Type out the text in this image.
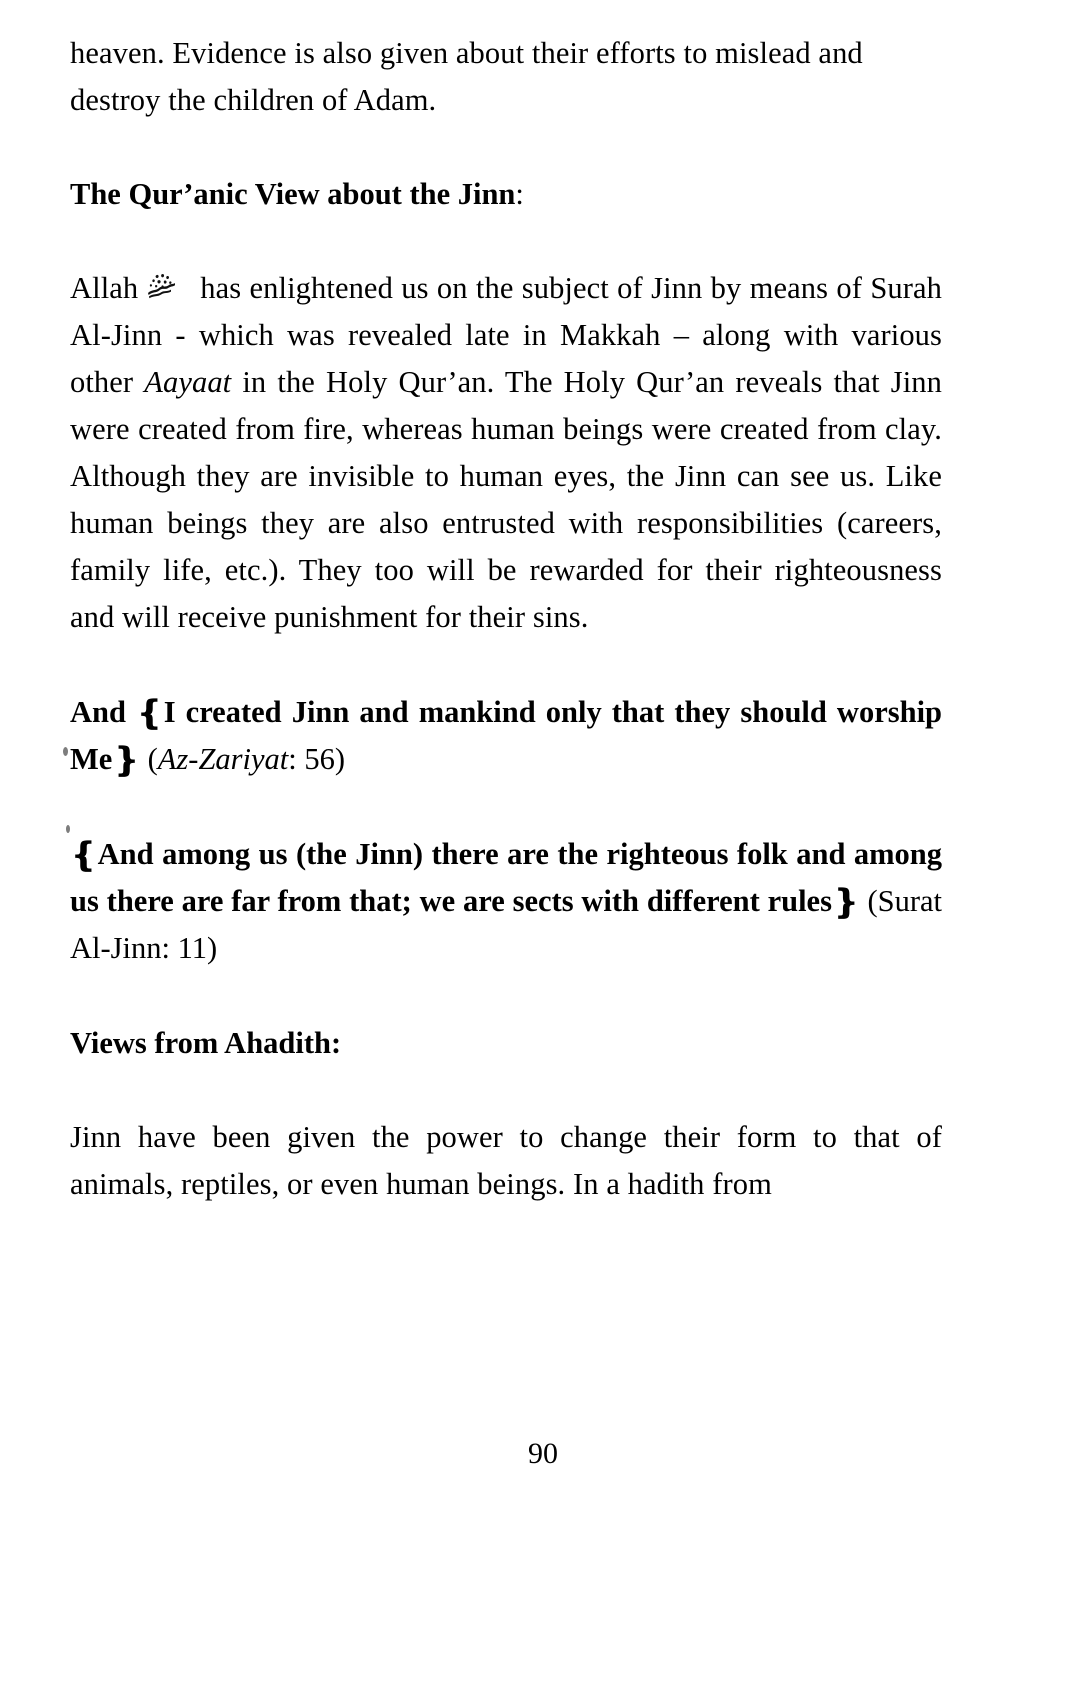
heaven. Evidence is also given about their efforts to mislead and destroy the children of Adam.

The Qur’anic View about the Jinn:

Allah has enlightened us on the subject of Jinn by means of Surah Al-Jinn - which was revealed late in Makkah – along with various other Aayaat in the Holy Qur’an. The Holy Qur’an reveals that Jinn were created from fire, whereas human beings were created from clay. Although they are invisible to human eyes, the Jinn can see us. Like human beings they are also entrusted with responsibilities (careers, family life, etc.). They too will be rewarded for their righteousness and will receive punishment for their sins.

And ❴I created Jinn and mankind only that they should worship Me❵ (Az-Zariyat: 56)

❴And among us (the Jinn) there are the righteous folk and among us there are far from that; we are sects with different rules❵ (Surat Al-Jinn: 11)

Views from Ahadith:

Jinn have been given the power to change their form to that of animals, reptiles, or even human beings. In a hadith from

90
